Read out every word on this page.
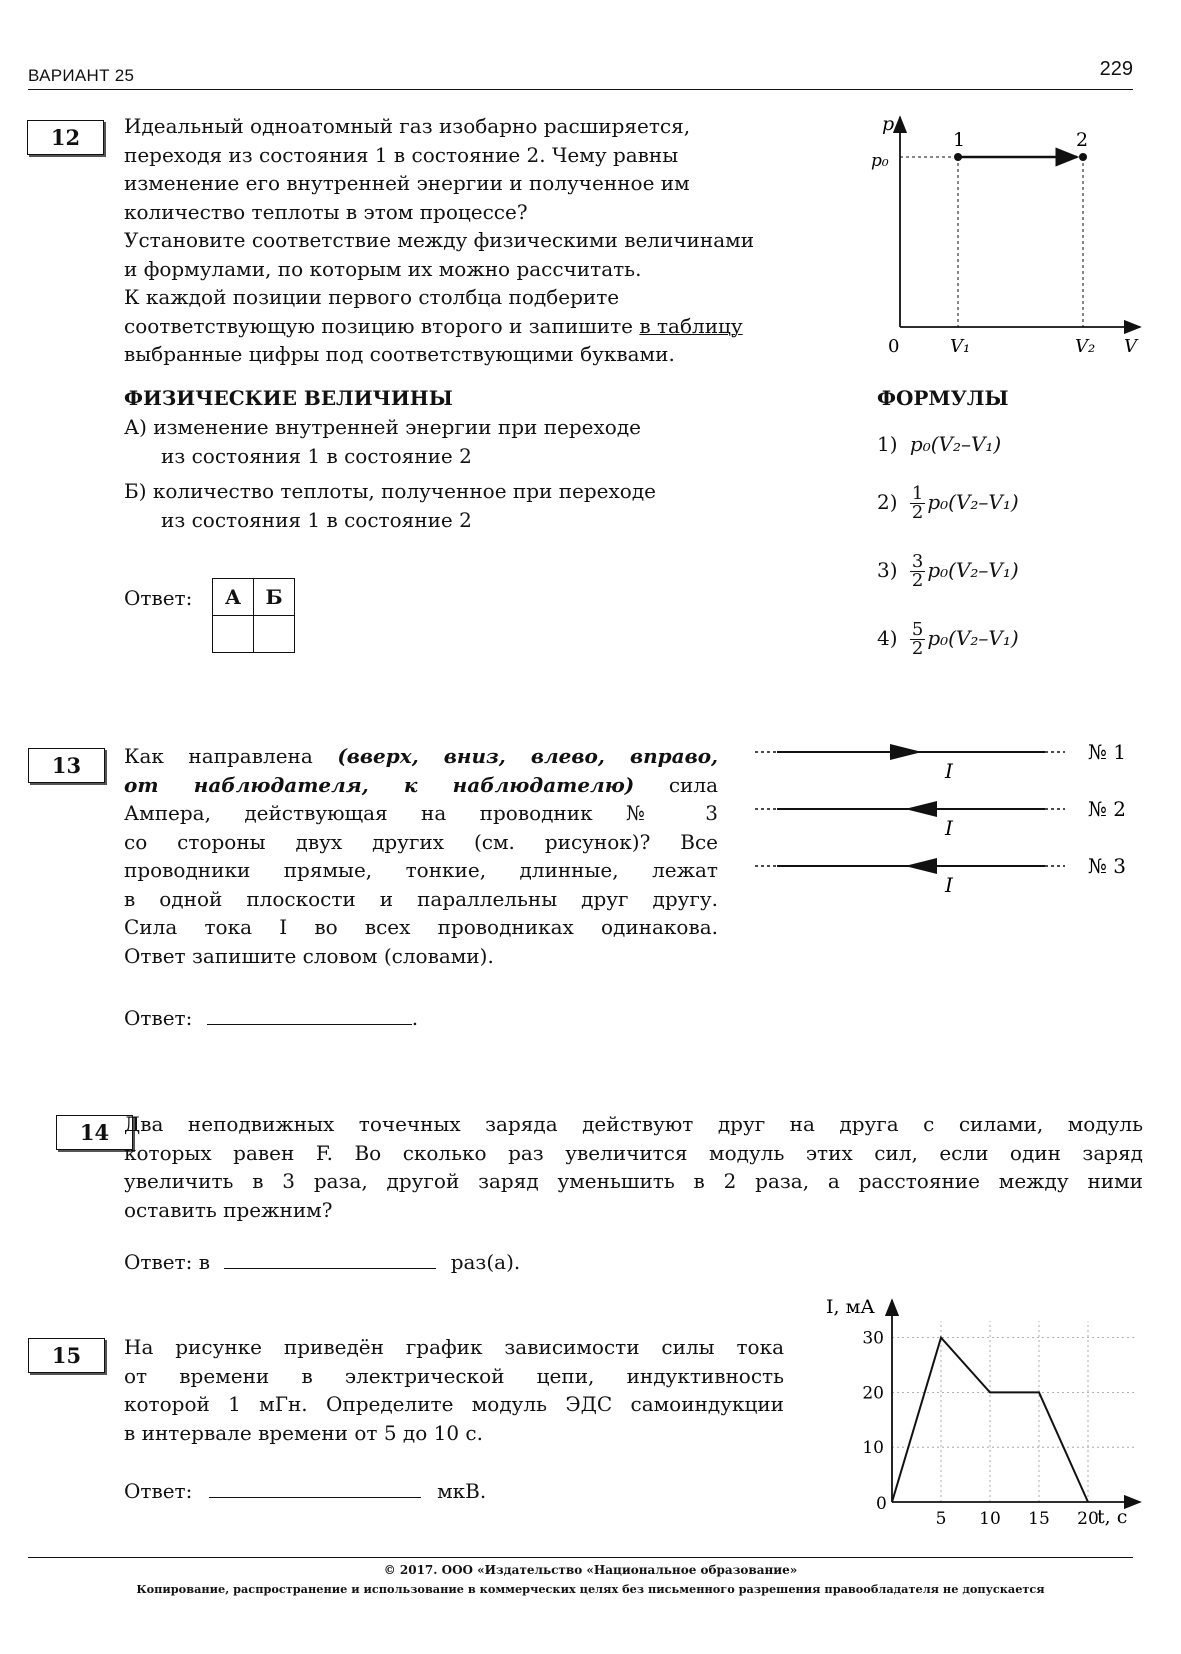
ВАРИАНТ 25	229
12	Идеальный одноатомный газ изобарно расширяется,

переходя из состояния 1 в состояние 2. Чему равны

изменение его внутренней энергии и полученное им

количество теплоты в этом процессе?

Установите соответствие между физическими величинами

и формулами, по которым их можно рассчитать.

К каждой позиции первого столбца подберите

соответствующую позицию второго и запишите в таблицу

выбранные цифры под соответствующими буквами.

p
p₀
1	2
0	V₁	V₂ V
ФИЗИЧЕСКИЕ ВЕЛИЧИНЫ
А) изменение внутренней энергии при переходе
из состояния 1 в состояние 2
Б) количество теплоты, полученное при переходе
из состояния 1 в состояние 2
ФОРМУЛЫ
1) p₀(V₂–V₁)
$2) \frac{1}{2} p_0(V_2-V_1)$
$3) \frac{3}{2} p_0(V_2-V_1)$
$4) \frac{5}{2} p_0(V_2-V_1)$
Ответ: А	Б

13	Как направлена (вверх, вниз, влево, вправо,

от наблюдателя, к наблюдателю) сила

Ампера, действующая на проводник № 3

со стороны двух других (см. рисунок)? Все

проводники прямые, тонкие, длинные, лежат

в одной плоскости и параллельны друг другу.

Сила тока I во всех проводниках одинакова.

Ответ запишите словом (словами).

I
№ 1
I
№ 2
I
№ 3
Ответ:	.
14 Два неподвижных точечных заряда действуют друг на друга с силами, модуль

которых равен F. Во сколько раз увеличится модуль этих сил, если один заряд

увеличить в 3 раза, другой заряд уменьшить в 2 раза, а расстояние между ними

оставить прежним?

Ответ: в	раз(а).
15	На рисунке приведён график зависимости силы тока

от времени в электрической цепи, индуктивность

которой 1 мГн. Определите модуль ЭДС самоиндукции

в интервале времени от 5 до 10 с.

Ответ:	мкВ.
5 10 15 20
10
20
30
I, мА
t, c
0
© 2017. ООО «Издательство «Национальное образование»
Копирование, распространение и использование в коммерческих целях без письменного разрешения правообладателя не допускается
